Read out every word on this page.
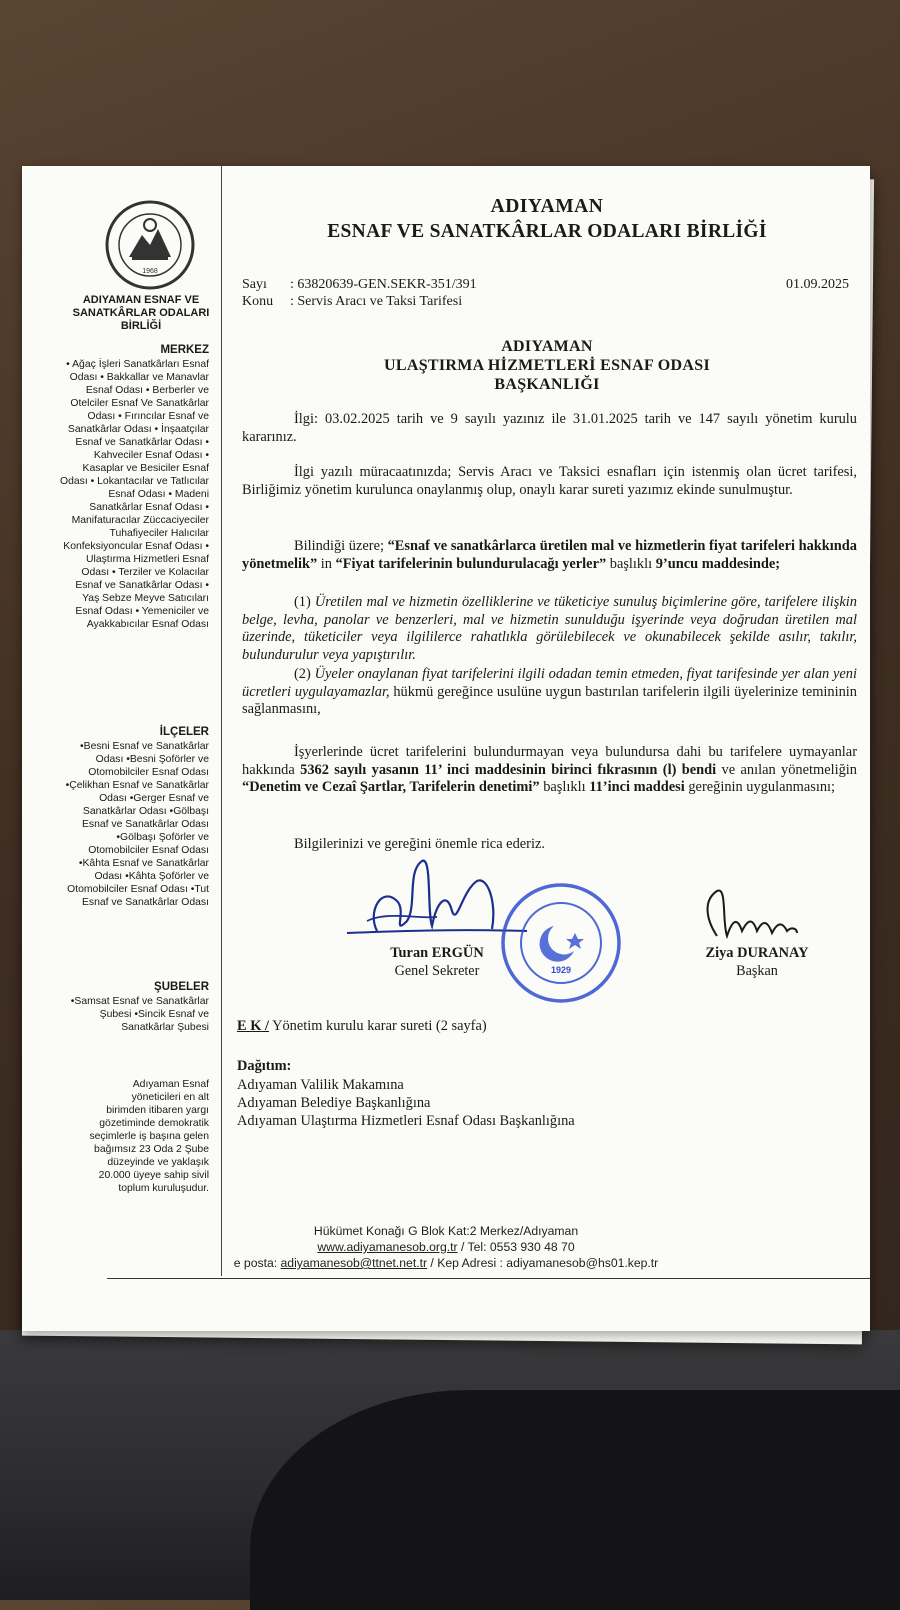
1968
ADIYAMAN ESNAF VE SANATKÂRLAR ODALARI BİRLİĞİ
MERKEZ
• Ağaç İşleri Sanatkârları Esnaf Odası • Bakkallar ve Manavlar Esnaf Odası • Berberler ve Otelciler Esnaf Ve Sanatkârlar Odası • Fırıncılar Esnaf ve Sanatkârlar Odası • İnşaatçılar Esnaf ve Sanatkârlar Odası • Kahveciler Esnaf Odası • Kasaplar ve Besiciler Esnaf Odası • Lokantacılar ve Tatlıcılar Esnaf Odası • Madeni Sanatkârlar Esnaf Odası • Manifaturacılar Züccaciyeciler Tuhafiyeciler Halıcılar Konfeksiyoncular Esnaf Odası • Ulaştırma Hizmetleri Esnaf Odası • Terziler ve Kolacılar Esnaf ve Sanatkârlar Odası • Yaş Sebze Meyve Satıcıları Esnaf Odası • Yemeniciler ve Ayakkabıcılar Esnaf Odası
İLÇELER
•Besni Esnaf ve Sanatkârlar Odası •Besni Şoförler ve Otomobilciler Esnaf Odası •Çelikhan Esnaf ve Sanatkârlar Odası •Gerger Esnaf ve Sanatkârlar Odası •Gölbaşı Esnaf ve Sanatkârlar Odası •Gölbaşı Şoförler ve Otomobilciler Esnaf Odası •Kâhta Esnaf ve Sanatkârlar Odası •Kâhta Şoförler ve Otomobilciler Esnaf Odası •Tut Esnaf ve Sanatkârlar Odası
ŞUBELER
•Samsat Esnaf ve Sanatkârlar Şubesi •Sincik Esnaf ve Sanatkârlar Şubesi
Adıyaman Esnaf yöneticileri en alt birimden itibaren yargı gözetiminde demokratik seçimlerle iş başına gelen bağımsız 23 Oda 2 Şube düzeyinde ve yaklaşık 20.000 üyeye sahip sivil toplum kuruluşudur.
ADIYAMAN
ESNAF VE SANATKÂRLAR ODALARI BİRLİĞİ
Sayı : 63820639-GEN.SEKR-351/391
Konu : Servis Aracı ve Taksi Tarifesi
01.09.2025
ADIYAMAN
ULAŞTIRMA HİZMETLERİ ESNAF ODASI
BAŞKANLIĞI
İlgi: 03.02.2025 tarih ve 9 sayılı yazınız ile 31.01.2025 tarih ve 147 sayılı yönetim kurulu kararınız.
İlgi yazılı müracaatınızda; Servis Aracı ve Taksici esnafları için istenmiş olan ücret tarifesi, Birliğimiz yönetim kurulunca onaylanmış olup, onaylı karar sureti yazımız ekinde sunulmuştur.
Bilindiği üzere; “Esnaf ve sanatkârlarca üretilen mal ve hizmetlerin fiyat tarifeleri hakkında yönetmelik” in “Fiyat tarifelerinin bulundurulacağı yerler” başlıklı 9’uncu maddesinde;
(1) Üretilen mal ve hizmetin özelliklerine ve tüketiciye sunuluş biçimlerine göre, tarifelere ilişkin belge, levha, panolar ve benzerleri, mal ve hizmetin sunulduğu işyerinde veya doğrudan üretilen mal üzerinde, tüketiciler veya ilgililerce rahatlıkla görülebilecek ve okunabilecek şekilde asılır, takılır, bulundurulur veya yapıştırılır.
(2) Üyeler onaylanan fiyat tarifelerini ilgili odadan temin etmeden, fiyat tarifesinde yer alan yeni ücretleri uygulayamazlar, hükmü gereğince usulüne uygun bastırılan tarifelerin ilgili üyelerinize temininin sağlanmasını,
İşyerlerinde ücret tarifelerini bulundurmayan veya bulundursa dahi bu tarifelere uymayanlar hakkında 5362 sayılı yasanın 11’ inci maddesinin birinci fıkrasının (l) bendi ve anılan yönetmeliğin “Denetim ve Cezaî Şartlar, Tarifelerin denetimi” başlıklı 11’inci maddesi gereğinin uygulanmasını;
Bilgilerinizi ve gereğini önemle rica ederiz.
Turan ERGÜN
Genel Sekreter	1929
Ziya DURANAY
Başkan
E K / Yönetim kurulu karar sureti (2 sayfa)
Dağıtım:
Adıyaman Valilik Makamına
Adıyaman Belediye Başkanlığına
Adıyaman Ulaştırma Hizmetleri Esnaf Odası Başkanlığına
Hükümet Konağı G Blok Kat:2 Merkez/Adıyaman
www.adiyamanesob.org.tr / Tel: 0553 930 48 70
e posta: adiyamanesob@ttnet.net.tr / Kep Adresi : adiyamanesob@hs01.kep.tr
